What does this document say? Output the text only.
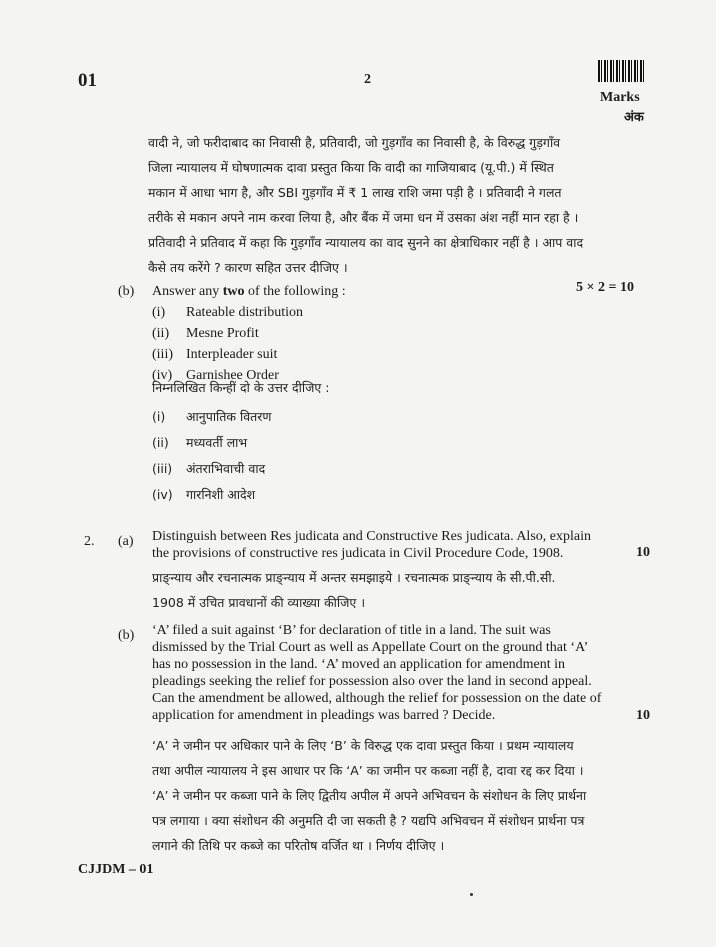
01	2
Marks
अंक
वादी ने, जो फरीदाबाद का निवासी है, प्रतिवादी, जो गुड़गाँव का निवासी है, के विरुद्ध गुड़गाँव
जिला न्यायालय में घोषणात्मक दावा प्रस्तुत किया कि वादी का गाजियाबाद (यू.पी.) में स्थित
मकान में आधा भाग है, और SBI गुड़गाँव में ₹ 1 लाख राशि जमा पड़ी है । प्रतिवादी ने गलत
तरीके से मकान अपने नाम करवा लिया है, और बैंक में जमा धन में उसका अंश नहीं मान रहा है ।
प्रतिवादी ने प्रतिवाद में कहा कि गुड़गाँव न्यायालय का वाद सुनने का क्षेत्राधिकार नहीं है । आप वाद
कैसे तय करेंगे ? कारण सहित उत्तर दीजिए ।
(b) Answer any two of the following :	5 × 2 = 10
(i)	Rateable distribution
(ii)	Mesne Profit
(iii) Interpleader suit
(iv) Garnishee Order
निम्नलिखित किन्हीं दो के उत्तर दीजिए :
(i)	आनुपातिक वितरण
(ii)	मध्यवर्ती लाभ
(iii)	अंतराभिवाची वाद
(iv)	गारनिशी आदेश
2. (a) Distinguish between Res judicata and Constructive Res judicata. Also, explain
the provisions of constructive res judicata in Civil Procedure Code, 1908.	10
प्राङ्न्याय और रचनात्मक प्राङ्न्याय में अन्तर समझाइये । रचनात्मक प्राङ्न्याय के सी.पी.सी.
1908 में उचित प्रावधानों की व्याख्या कीजिए ।
(b) ‘A’ filed a suit against ‘B’ for declaration of title in a land. The suit was
dismissed by the Trial Court as well as Appellate Court on the ground that ‘A’
has no possession in the land. ‘A’ moved an application for amendment in
pleadings seeking the relief for possession also over the land in second appeal.
Can the amendment be allowed, although the relief for possession on the date of
application for amendment in pleadings was barred ? Decide.	10
‘A’ ने जमीन पर अधिकार पाने के लिए ‘B’ के विरुद्ध एक दावा प्रस्तुत किया । प्रथम न्यायालय
तथा अपील न्यायालय ने इस आधार पर कि ‘A’ का जमीन पर कब्जा नहीं है, दावा रद्द कर दिया ।
‘A’ ने जमीन पर कब्जा पाने के लिए द्वितीय अपील में अपने अभिवचन के संशोधन के लिए प्रार्थना
पत्र लगाया । क्या संशोधन की अनुमति दी जा सकती है ? यद्यपि अभिवचन में संशोधन प्रार्थना पत्र
लगाने की तिथि पर कब्जे का परितोष वर्जित था । निर्णय दीजिए ।
CJJDM – 01
